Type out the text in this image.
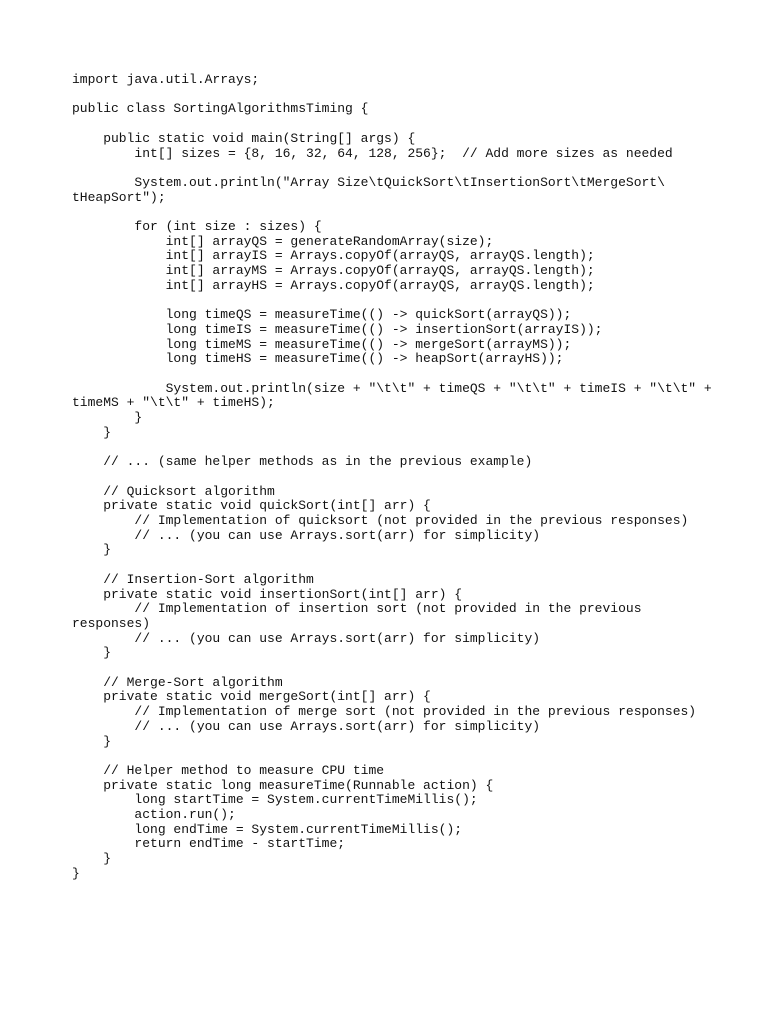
import java.util.Arrays;
public class SortingAlgorithmsTiming {
public static void main(String[] args) {
int[] sizes = {8, 16, 32, 64, 128, 256};  // Add more sizes as needed
System.out.println("Array Size\tQuickSort\tInsertionSort\tMergeSort\
tHeapSort");
for (int size : sizes) {
int[] arrayQS = generateRandomArray(size);
int[] arrayIS = Arrays.copyOf(arrayQS, arrayQS.length);
int[] arrayMS = Arrays.copyOf(arrayQS, arrayQS.length);
int[] arrayHS = Arrays.copyOf(arrayQS, arrayQS.length);
long timeQS = measureTime(() -> quickSort(arrayQS));
long timeIS = measureTime(() -> insertionSort(arrayIS));
long timeMS = measureTime(() -> mergeSort(arrayMS));
long timeHS = measureTime(() -> heapSort(arrayHS));
System.out.println(size + "\t\t" + timeQS + "\t\t" + timeIS + "\t\t" +
timeMS + "\t\t" + timeHS);
}
}
// ... (same helper methods as in the previous example)
// Quicksort algorithm
private static void quickSort(int[] arr) {
// Implementation of quicksort (not provided in the previous responses)
// ... (you can use Arrays.sort(arr) for simplicity)
}
// Insertion-Sort algorithm
private static void insertionSort(int[] arr) {
// Implementation of insertion sort (not provided in the previous
responses)
// ... (you can use Arrays.sort(arr) for simplicity)
}
// Merge-Sort algorithm
private static void mergeSort(int[] arr) {
// Implementation of merge sort (not provided in the previous responses)
// ... (you can use Arrays.sort(arr) for simplicity)
}
// Helper method to measure CPU time
private static long measureTime(Runnable action) {
long startTime = System.currentTimeMillis();
action.run();
long endTime = System.currentTimeMillis();
return endTime - startTime;
}
}
